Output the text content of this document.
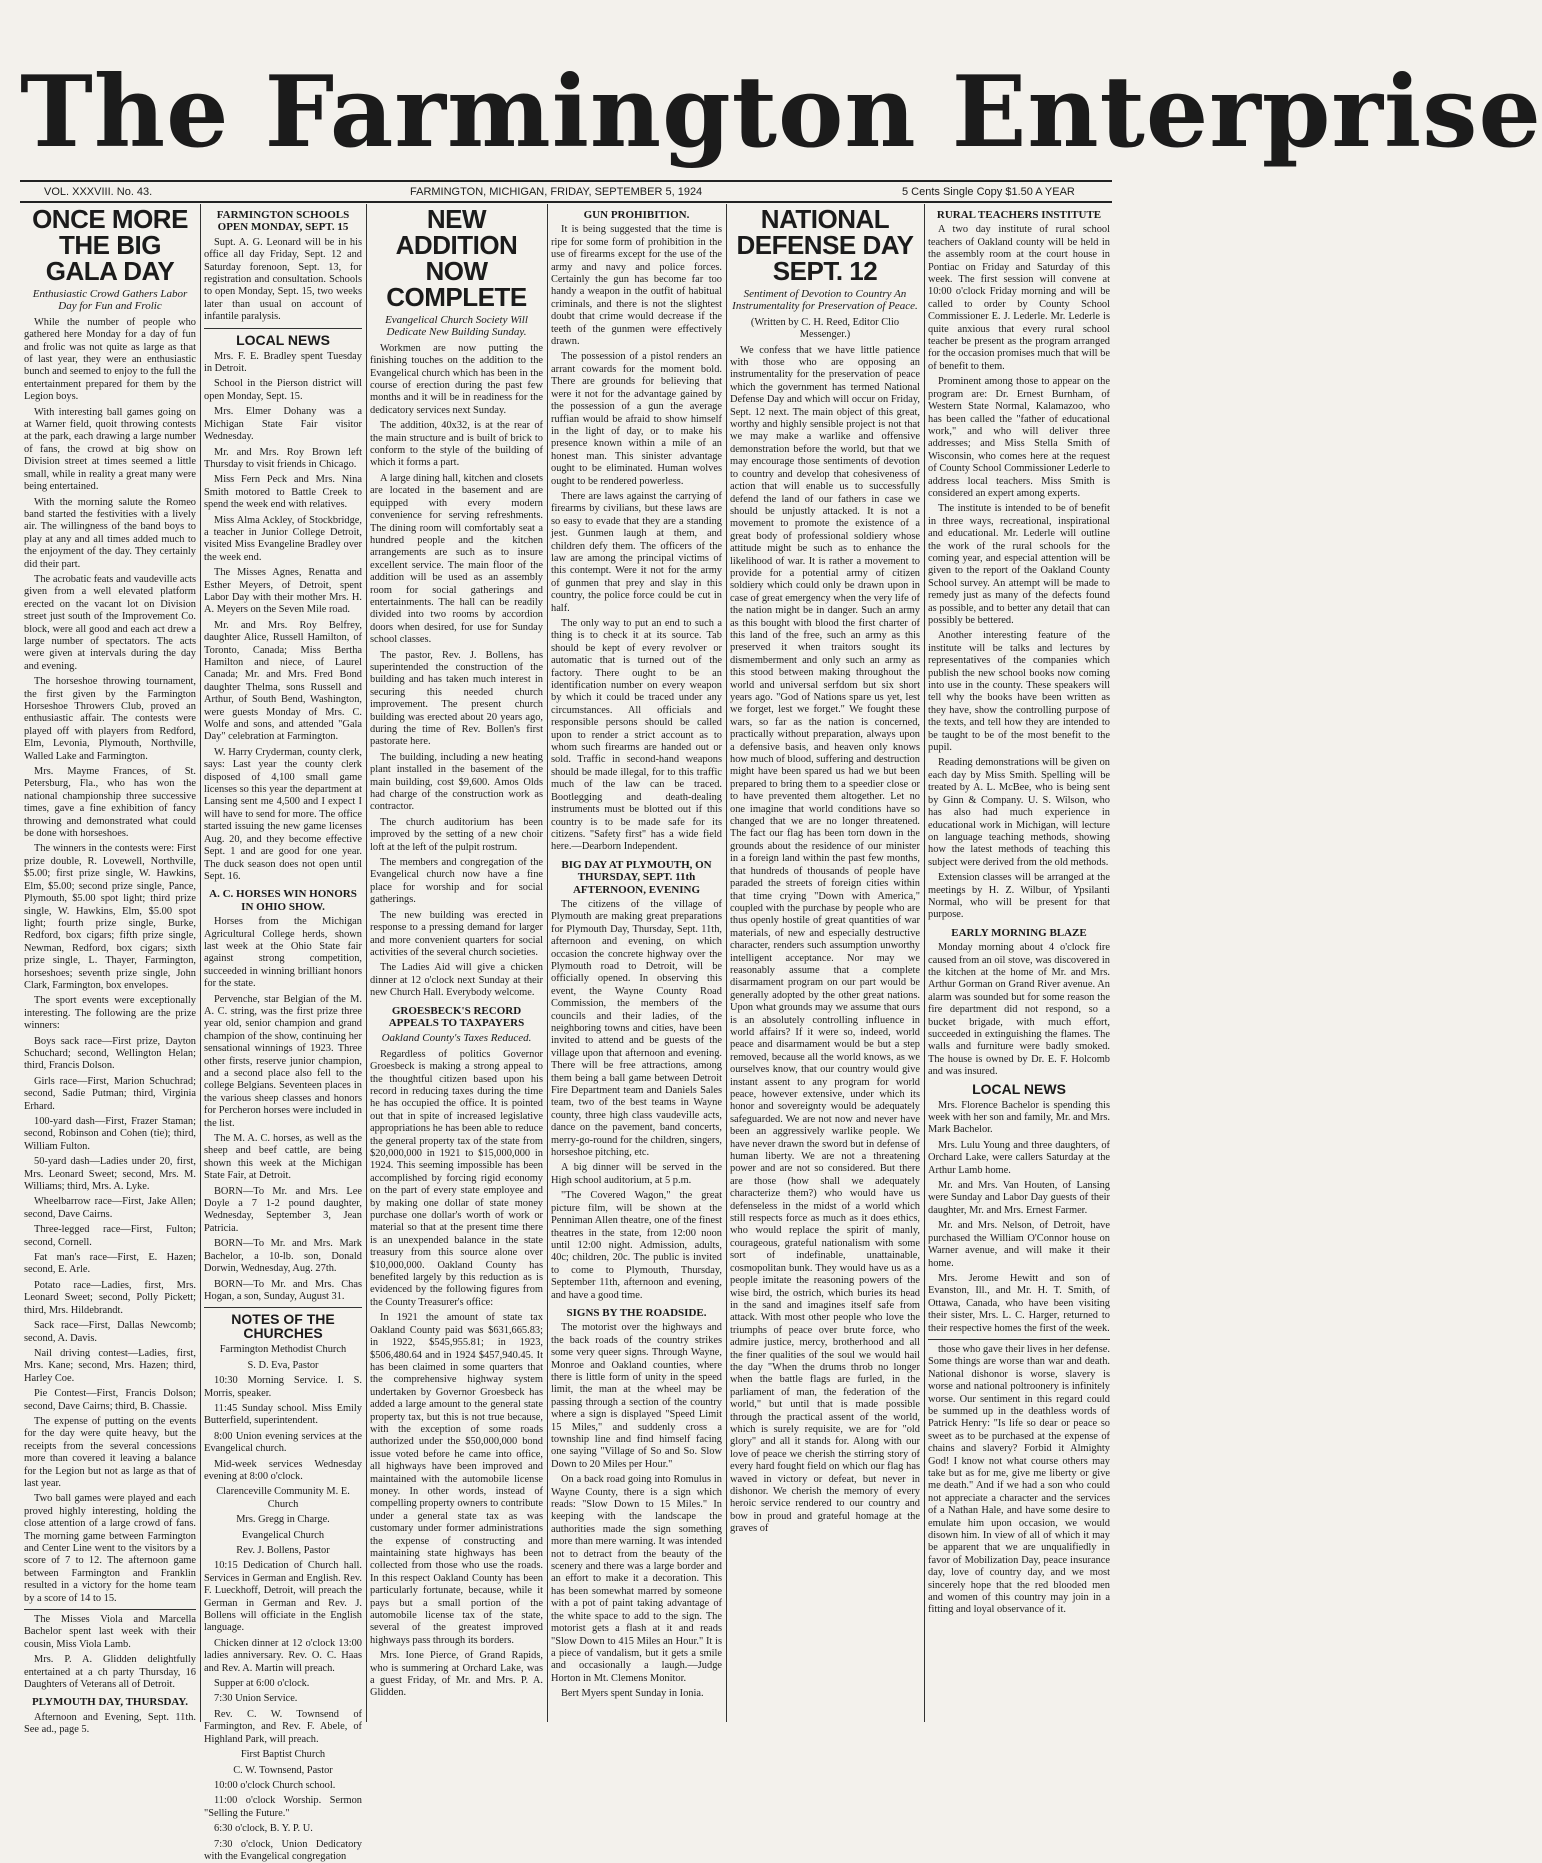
The Farmington Enterprise
VOL. XXXVIII. No. 43.	FARMINGTON, MICHIGAN, FRIDAY, SEPTEMBER 5, 1924	5 Cents Single Copy $1.50 A YEAR
ONCE MORE THE BIG GALA DAY
Enthusiastic Crowd Gathers Labor Day for Fun and Frolic

While the number of people who gathered here Monday for a day of fun and frolic was not quite as large as that of last year, they were an enthusiastic bunch and seemed to enjoy to the full the entertainment prepared for them by the Legion boys.

With interesting ball games going on at Warner field, quoit throwing contests at the park, each drawing a large number of fans, the crowd at big show on Division street at times seemed a little small, while in reality a great many were being entertained.

With the morning salute the Romeo band started the festivities with a lively air. The willingness of the band boys to play at any and all times added much to the enjoyment of the day. They certainly did their part.

The acrobatic feats and vaudeville acts given from a well elevated platform erected on the vacant lot on Division street just south of the Improvement Co. block, were all good and each act drew a large number of spectators. The acts were given at intervals during the day and evening.

The horseshoe throwing tournament, the first given by the Farmington Horseshoe Throwers Club, proved an enthusiastic affair. The contests were played off with players from Redford, Elm, Levonia, Plymouth, Northville, Walled Lake and Farmington.

Mrs. Mayme Frances, of St. Petersburg, Fla., who has won the national championship three successive times, gave a fine exhibition of fancy throwing and demonstrated what could be done with horseshoes.

The winners in the contests were: First prize double, R. Lovewell, Northville, $5.00; first prize single, W. Hawkins, Elm, $5.00; second prize single, Pance, Plymouth, $5.00 spot light; third prize single, W. Hawkins, Elm, $5.00 spot light; fourth prize single, Burke, Redford, box cigars; fifth prize single, Newman, Redford, box cigars; sixth prize single, L. Thayer, Farmington, horseshoes; seventh prize single, John Clark, Farmington, box envelopes.

The sport events were exceptionally interesting. The following are the prize winners:

Boys sack race—First prize, Dayton Schuchard; second, Wellington Helan; third, Francis Dolson.

Girls race—First, Marion Schuchrad; second, Sadie Putman; third, Virginia Erhard.

100-yard dash—First, Frazer Staman; second, Robinson and Cohen (tie); third, William Fulton.

50-yard dash—Ladies under 20, first, Mrs. Leonard Sweet; second, Mrs. M. Williams; third, Mrs. A. Lyke.

Wheelbarrow race—First, Jake Allen; second, Dave Cairns.

Three-legged race—First, Fulton; second, Cornell.

Fat man's race—First, E. Hazen; second, E. Arle.

Potato race—Ladies, first, Mrs. Leonard Sweet; second, Polly Pickett; third, Mrs. Hildebrandt.

Sack race—First, Dallas Newcomb; second, A. Davis.

Nail driving contest—Ladies, first, Mrs. Kane; second, Mrs. Hazen; third, Harley Coe.

Pie Contest—First, Francis Dolson; second, Dave Cairns; third, B. Chassie.

The expense of putting on the events for the day were quite heavy, but the receipts from the several concessions more than covered it leaving a balance for the Legion but not as large as that of last year.

Two ball games were played and each proved highly interesting, holding the close attention of a large crowd of fans. The morning game between Farmington and Center Line went to the visitors by a score of 7 to 12. The afternoon game between Farmington and Franklin resulted in a victory for the home team by a score of 14 to 15.

The Misses Viola and Marcella Bachelor spent last week with their cousin, Miss Viola Lamb.

Mrs. P. A. Glidden delightfully entertained at a ch party Thursday, 16 Daughters of Veterans all of Detroit.

PLYMOUTH DAY, THURSDAY.

Afternoon and Evening, Sept. 11th. See ad., page 5.

FARMINGTON SCHOOLS OPEN MONDAY, SEPT. 15

Supt. A. G. Leonard will be in his office all day Friday, Sept. 12 and Saturday forenoon, Sept. 13, for registration and consultation. Schools to open Monday, Sept. 15, two weeks later than usual on account of infantile paralysis.

LOCAL NEWS

Mrs. F. E. Bradley spent Tuesday in Detroit.

School in the Pierson district will open Monday, Sept. 15.

Mrs. Elmer Dohany was a Michigan State Fair visitor Wednesday.

Mr. and Mrs. Roy Brown left Thursday to visit friends in Chicago.

Miss Fern Peck and Mrs. Nina Smith motored to Battle Creek to spend the week end with relatives.

Miss Alma Ackley, of Stockbridge, a teacher in Junior College Detroit, visited Miss Evangeline Bradley over the week end.

The Misses Agnes, Renatta and Esther Meyers, of Detroit, spent Labor Day with their mother Mrs. H. A. Meyers on the Seven Mile road.

Mr. and Mrs. Roy Belfrey, daughter Alice, Russell Hamilton, of Toronto, Canada; Miss Bertha Hamilton and niece, of Laurel Canada; Mr. and Mrs. Fred Bond daughter Thelma, sons Russell and Arthur, of South Bend, Washington, were guests Monday of Mrs. C. Wolfe and sons, and attended "Gala Day" celebration at Farmington.

W. Harry Cryderman, county clerk, says: Last year the county clerk disposed of 4,100 small game licenses so this year the department at Lansing sent me 4,500 and I expect I will have to send for more. The office started issuing the new game licenses Aug. 20, and they become effective Sept. 1 and are good for one year. The duck season does not open until Sept. 16.

A. C. HORSES WIN HONORS IN OHIO SHOW.

Horses from the Michigan Agricultural College herds, shown last week at the Ohio State fair against strong competition, succeeded in winning brilliant honors for the state.

Pervenche, star Belgian of the M. A. C. string, was the first prize three year old, senior champion and grand champion of the show, continuing her sensational winnings of 1923. Three other firsts, reserve junior champion, and a second place also fell to the college Belgians. Seventeen places in the various sheep classes and honors for Percheron horses were included in the list.

The M. A. C. horses, as well as the sheep and beef cattle, are being shown this week at the Michigan State Fair, at Detroit.

BORN—To Mr. and Mrs. Lee Doyle a 7 1-2 pound daughter, Wednesday, September 3, Jean Patricia.

BORN—To Mr. and Mrs. Mark Bachelor, a 10-lb. son, Donald Dorwin, Wednesday, Aug. 27th.

BORN—To Mr. and Mrs. Chas Hogan, a son, Sunday, August 31.

NOTES OF THE CHURCHES
Farmington Methodist Church
S. D. Eva, Pastor

10:30 Morning Service. I. S. Morris, speaker.

11:45 Sunday school. Miss Emily Butterfield, superintendent.

8:00 Union evening services at the Evangelical church.

Mid-week services Wednesday evening at 8:00 o'clock.

Clarenceville Community M. E. Church
Mrs. Gregg in Charge.
Evangelical Church
Rev. J. Bollens, Pastor

10:15 Dedication of Church hall. Services in German and English. Rev. F. Lueckhoff, Detroit, will preach the German in German and Rev. J. Bollens will officiate in the English language.

Chicken dinner at 12 o'clock 13:00 ladies anniversary. Rev. O. C. Haas and Rev. A. Martin will preach.

Supper at 6:00 o'clock.

7:30 Union Service.

Rev. C. W. Townsend of Farmington, and Rev. F. Abele, of Highland Park, will preach.

First Baptist Church
C. W. Townsend, Pastor

10:00 o'clock Church school.

11:00 o'clock Worship. Sermon "Selling the Future."

6:30 o'clock, B. Y. P. U.

7:30 o'clock, Union Dedicatory with the Evangelical congregation

NEW ADDITION NOW COMPLETE
Evangelical Church Society Will Dedicate New Building Sunday.

Workmen are now putting the finishing touches on the addition to the Evangelical church which has been in the course of erection during the past few months and it will be in readiness for the dedicatory services next Sunday.

The addition, 40x32, is at the rear of the main structure and is built of brick to conform to the style of the building of which it forms a part.

A large dining hall, kitchen and closets are located in the basement and are equipped with every modern convenience for serving refreshments. The dining room will comfortably seat a hundred people and the kitchen arrangements are such as to insure excellent service. The main floor of the addition will be used as an assembly room for social gatherings and entertainments. The hall can be readily divided into two rooms by accordion doors when desired, for use for Sunday school classes.

The pastor, Rev. J. Bollens, has superintended the construction of the building and has taken much interest in securing this needed church improvement. The present church building was erected about 20 years ago, during the time of Rev. Bollen's first pastorate here.

The building, including a new heating plant installed in the basement of the main building, cost $9,600. Amos Olds had charge of the construction work as contractor.

The church auditorium has been improved by the setting of a new choir loft at the left of the pulpit rostrum.

The members and congregation of the Evangelical church now have a fine place for worship and for social gatherings.

The new building was erected in response to a pressing demand for larger and more convenient quarters for social activities of the several church societies.

The Ladies Aid will give a chicken dinner at 12 o'clock next Sunday at their new Church Hall. Everybody welcome.

GROESBECK'S RECORD APPEALS TO TAXPAYERS
Oakland County's Taxes Reduced.

Regardless of politics Governor Groesbeck is making a strong appeal to the thoughtful citizen based upon his record in reducing taxes during the time he has occupied the office. It is pointed out that in spite of increased legislative appropriations he has been able to reduce the general property tax of the state from $20,000,000 in 1921 to $15,000,000 in 1924. This seeming impossible has been accomplished by forcing rigid economy on the part of every state employee and by making one dollar of state money purchase one dollar's worth of work or material so that at the present time there is an unexpended balance in the state treasury from this source alone over $10,000,000. Oakland County has benefited largely by this reduction as is evidenced by the following figures from the County Treasurer's office:

In 1921 the amount of state tax Oakland County paid was $631,665.83; in 1922, $545,955.81; in 1923, $506,480.64 and in 1924 $457,940.45. It has been claimed in some quarters that the comprehensive highway system undertaken by Governor Groesbeck has added a large amount to the general state property tax, but this is not true because, with the exception of some roads authorized under the $50,000,000 bond issue voted before he came into office, all highways have been improved and maintained with the automobile license money. In other words, instead of compelling property owners to contribute under a general state tax as was customary under former administrations the expense of constructing and maintaining state highways has been collected from those who use the roads. In this respect Oakland County has been particularly fortunate, because, while it pays but a small portion of the automobile license tax of the state, several of the greatest improved highways pass through its borders.

Mrs. Ione Pierce, of Grand Rapids, who is summering at Orchard Lake, was a guest Friday, of Mr. and Mrs. P. A. Glidden.

GUN PROHIBITION.

It is being suggested that the time is ripe for some form of prohibition in the use of firearms except for the use of the army and navy and police forces. Certainly the gun has become far too handy a weapon in the outfit of habitual criminals, and there is not the slightest doubt that crime would decrease if the teeth of the gunmen were effectively drawn.

The possession of a pistol renders an arrant cowards for the moment bold. There are grounds for believing that were it not for the advantage gained by the possession of a gun the average ruffian would be afraid to show himself in the light of day, or to make his presence known within a mile of an honest man. This sinister advantage ought to be eliminated. Human wolves ought to be rendered powerless.

There are laws against the carrying of firearms by civilians, but these laws are so easy to evade that they are a standing jest. Gunmen laugh at them, and children defy them. The officers of the law are among the principal victims of this contempt. Were it not for the army of gunmen that prey and slay in this country, the police force could be cut in half.

The only way to put an end to such a thing is to check it at its source. Tab should be kept of every revolver or automatic that is turned out of the factory. There ought to be an identification number on every weapon by which it could be traced under any circumstances. All officials and responsible persons should be called upon to render a strict account as to whom such firearms are handed out or sold. Traffic in second-hand weapons should be made illegal, for to this traffic much of the law can be traced. Bootlegging and death-dealing instruments must be blotted out if this country is to be made safe for its citizens. "Safety first" has a wide field here.—Dearborn Independent.

BIG DAY AT PLYMOUTH, ON THURSDAY, SEPT. 11th AFTERNOON, EVENING

The citizens of the village of Plymouth are making great preparations for Plymouth Day, Thursday, Sept. 11th, afternoon and evening, on which occasion the concrete highway over the Plymouth road to Detroit, will be officially opened. In observing this event, the Wayne County Road Commission, the members of the councils and their ladies, of the neighboring towns and cities, have been invited to attend and be guests of the village upon that afternoon and evening. There will be free attractions, among them being a ball game between Detroit Fire Department team and Daniels Sales team, two of the best teams in Wayne county, three high class vaudeville acts, dance on the pavement, band concerts, merry-go-round for the children, singers, horseshoe pitching, etc.

A big dinner will be served in the High school auditorium, at 5 p.m.

"The Covered Wagon," the great picture film, will be shown at the Penniman Allen theatre, one of the finest theatres in the state, from 12:00 noon until 12:00 night. Admission, adults, 40c; children, 20c. The public is invited to come to Plymouth, Thursday, September 11th, afternoon and evening, and have a good time.

SIGNS BY THE ROADSIDE.

The motorist over the highways and the back roads of the country strikes some very queer signs. Through Wayne, Monroe and Oakland counties, where there is little form of unity in the speed limit, the man at the wheel may be passing through a section of the country where a sign is displayed "Speed Limit 15 Miles," and suddenly cross a township line and find himself facing one saying "Village of So and So. Slow Down to 20 Miles per Hour."

On a back road going into Romulus in Wayne County, there is a sign which reads: "Slow Down to 15 Miles." In keeping with the landscape the authorities made the sign something more than mere warning. It was intended not to detract from the beauty of the scenery and there was a large border and an effort to make it a decoration. This has been somewhat marred by someone with a pot of paint taking advantage of the white space to add to the sign. The motorist gets a flash at it and reads "Slow Down to 415 Miles an Hour." It is a piece of vandalism, but it gets a smile and occasionally a laugh.—Judge Horton in Mt. Clemens Monitor.

Bert Myers spent Sunday in Ionia.

NATIONAL DEFENSE DAY SEPT. 12
Sentiment of Devotion to Country An Instrumentality for Preservation of Peace.
(Written by C. H. Reed, Editor Clio Messenger.)

We confess that we have little patience with those who are opposing an instrumentality for the preservation of peace which the government has termed National Defense Day and which will occur on Friday, Sept. 12 next. The main object of this great, worthy and highly sensible project is not that we may make a warlike and offensive demonstration before the world, but that we may encourage those sentiments of devotion to country and develop that cohesiveness of action that will enable us to successfully defend the land of our fathers in case we should be unjustly attacked. It is not a movement to promote the existence of a great body of professional soldiery whose attitude might be such as to enhance the likelihood of war. It is rather a movement to provide for a potential army of citizen soldiery which could only be drawn upon in case of great emergency when the very life of the nation might be in danger. Such an army as this bought with blood the first charter of this land of the free, such an army as this preserved it when traitors sought its dismemberment and only such an army as this stood between making throughout the world and universal serfdom but six short years ago. "God of Nations spare us yet, lest we forget, lest we forget." We fought these wars, so far as the nation is concerned, practically without preparation, always upon a defensive basis, and heaven only knows how much of blood, suffering and destruction might have been spared us had we but been prepared to bring them to a speedier close or to have prevented them altogether. Let no one imagine that world conditions have so changed that we are no longer threatened. The fact our flag has been torn down in the grounds about the residence of our minister in a foreign land within the past few months, that hundreds of thousands of people have paraded the streets of foreign cities within that time crying "Down with America," coupled with the purchase by people who are thus openly hostile of great quantities of war materials, of new and especially destructive character, renders such assumption unworthy intelligent acceptance. Nor may we reasonably assume that a complete disarmament program on our part would be generally adopted by the other great nations. Upon what grounds may we assume that ours is an absolutely controlling influence in world affairs? If it were so, indeed, world peace and disarmament would be but a step removed, because all the world knows, as we ourselves know, that our country would give instant assent to any program for world peace, however extensive, under which its honor and sovereignty would be adequately safeguarded. We are not now and never have been an aggressively warlike people. We have never drawn the sword but in defense of human liberty. We are not a threatening power and are not so considered. But there are those (how shall we adequately characterize them?) who would have us defenseless in the midst of a world which still respects force as much as it does ethics, who would replace the spirit of manly, courageous, grateful nationalism with some sort of indefinable, unattainable, cosmopolitan bunk. They would have us as a people imitate the reasoning powers of the wise bird, the ostrich, which buries its head in the sand and imagines itself safe from attack. With most other people who love the triumphs of peace over brute force, who admire justice, mercy, brotherhood and all the finer qualities of the soul we would hail the day "When the drums throb no longer when the battle flags are furled, in the parliament of man, the federation of the world," but until that is made possible through the practical assent of the world, which is surely requisite, we are for "old glory" and all it stands for. Along with our love of peace we cherish the stirring story of every hard fought field on which our flag has waved in victory or defeat, but never in dishonor. We cherish the memory of every heroic service rendered to our country and bow in proud and grateful homage at the graves of

RURAL TEACHERS INSTITUTE

A two day institute of rural school teachers of Oakland county will be held in the assembly room at the court house in Pontiac on Friday and Saturday of this week. The first session will convene at 10:00 o'clock Friday morning and will be called to order by County School Commissioner E. J. Lederle. Mr. Lederle is quite anxious that every rural school teacher be present as the program arranged for the occasion promises much that will be of benefit to them.

Prominent among those to appear on the program are: Dr. Ernest Burnham, of Western State Normal, Kalamazoo, who has been called the "father of educational work," and who will deliver three addresses; and Miss Stella Smith of Wisconsin, who comes here at the request of County School Commissioner Lederle to address local teachers. Miss Smith is considered an expert among experts.

The institute is intended to be of benefit in three ways, recreational, inspirational and educational. Mr. Lederle will outline the work of the rural schools for the coming year, and especial attention will be given to the report of the Oakland County School survey. An attempt will be made to remedy just as many of the defects found as possible, and to better any detail that can possibly be bettered.

Another interesting feature of the institute will be talks and lectures by representatives of the companies which publish the new school books now coming into use in the county. These speakers will tell why the books have been written as they have, show the controlling purpose of the texts, and tell how they are intended to be taught to be of the most benefit to the pupil.

Reading demonstrations will be given on each day by Miss Smith. Spelling will be treated by A. L. McBee, who is being sent by Ginn & Company. U. S. Wilson, who has also had much experience in educational work in Michigan, will lecture on language teaching methods, showing how the latest methods of teaching this subject were derived from the old methods.

Extension classes will be arranged at the meetings by H. Z. Wilbur, of Ypsilanti Normal, who will be present for that purpose.

EARLY MORNING BLAZE

Monday morning about 4 o'clock fire caused from an oil stove, was discovered in the kitchen at the home of Mr. and Mrs. Arthur Gorman on Grand River avenue. An alarm was sounded but for some reason the fire department did not respond, so a bucket brigade, with much effort, succeeded in extinguishing the flames. The walls and furniture were badly smoked. The house is owned by Dr. E. F. Holcomb and was insured.

LOCAL NEWS

Mrs. Florence Bachelor is spending this week with her son and family, Mr. and Mrs. Mark Bachelor.

Mrs. Lulu Young and three daughters, of Orchard Lake, were callers Saturday at the Arthur Lamb home.

Mr. and Mrs. Van Houten, of Lansing were Sunday and Labor Day guests of their daughter, Mr. and Mrs. Ernest Farmer.

Mr. and Mrs. Nelson, of Detroit, have purchased the William O'Connor house on Warner avenue, and will make it their home.

Mrs. Jerome Hewitt and son of Evanston, Ill., and Mr. H. T. Smith, of Ottawa, Canada, who have been visiting their sister, Mrs. L. C. Harger, returned to their respective homes the first of the week.

those who gave their lives in her defense. Some things are worse than war and death. National dishonor is worse, slavery is worse and national poltroonery is infinitely worse. Our sentiment in this regard could be summed up in the deathless words of Patrick Henry: "Is life so dear or peace so sweet as to be purchased at the expense of chains and slavery? Forbid it Almighty God! I know not what course others may take but as for me, give me liberty or give me death." And if we had a son who could not appreciate a character and the services of a Nathan Hale, and have some desire to emulate him upon occasion, we would disown him. In view of all of which it may be apparent that we are unqualifiedly in favor of Mobilization Day, peace insurance day, love of country day, and we most sincerely hope that the red blooded men and women of this country may join in a fitting and loyal observance of it.
